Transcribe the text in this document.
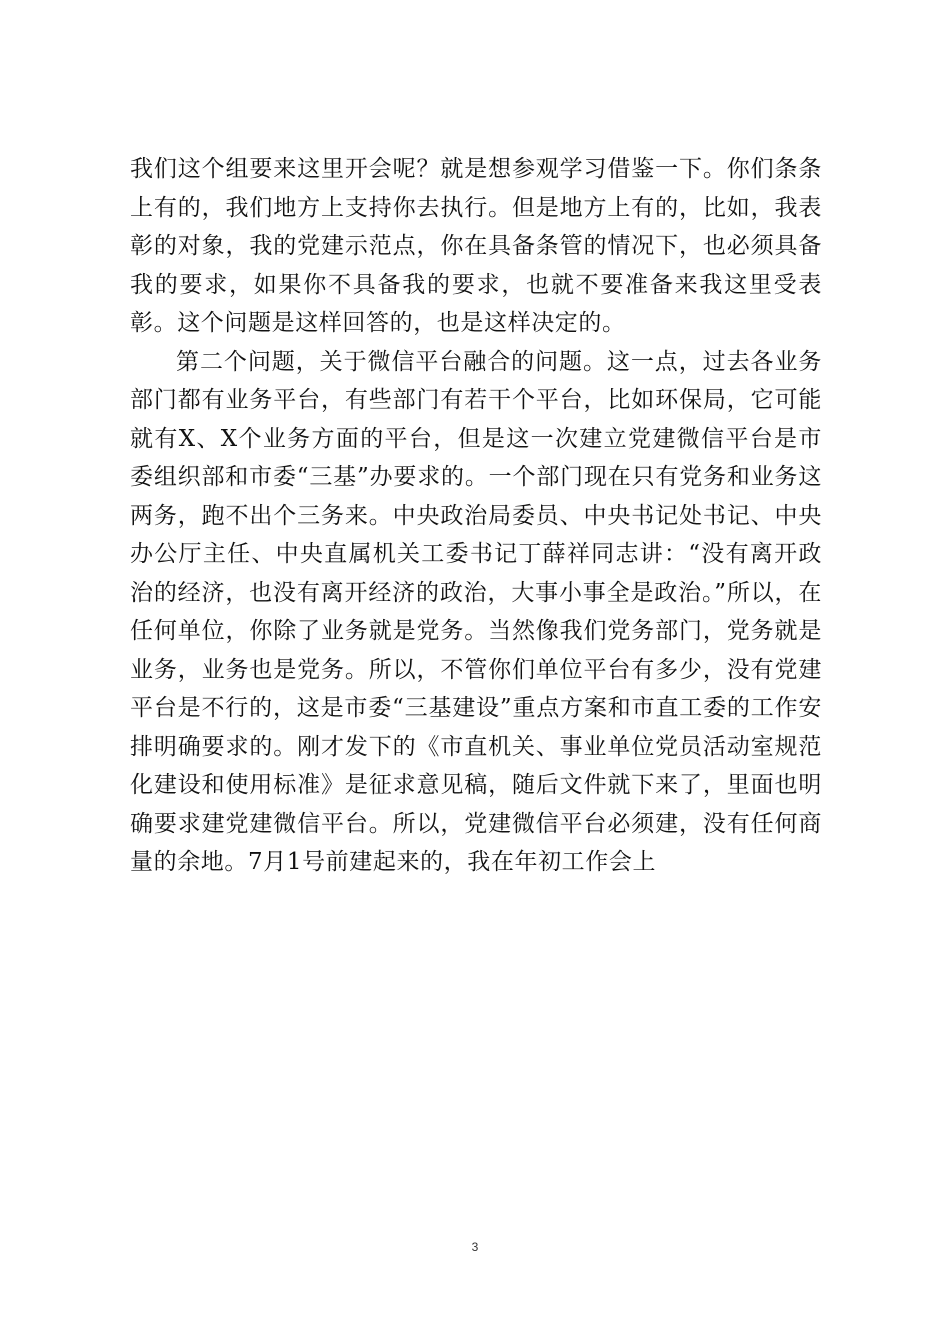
我们这个组要来这里开会呢？就是想参观学习借鉴一下。你们条条上有的，我们地方上支持你去执行。但是地方上有的，比如，我表彰的对象，我的党建示范点，你在具备条管的情况下，也必须具备我的要求，如果你不具备我的要求，也就不要准备来我这里受表彰。这个问题是这样回答的，也是这样决定的。

第二个问题，关于微信平台融合的问题。这一点，过去各业务部门都有业务平台，有些部门有若干个平台，比如环保局，它可能就有X、X个业务方面的平台，但是这一次建立党建微信平台是市委组织部和市委“三基”办要求的。一个部门现在只有党务和业务这两务，跑不出个三务来。中央政治局委员、中央书记处书记、中央办公厅主任、中央直属机关工委书记丁薛祥同志讲：“没有离开政治的经济，也没有离开经济的政治，大事小事全是政治。”所以，在任何单位，你除了业务就是党务。当然像我们党务部门，党务就是业务，业务也是党务。所以，不管你们单位平台有多少，没有党建平台是不行的，这是市委“三基建设”重点方案和市直工委的工作安排明确要求的。刚才发下的《市直机关、事业单位党员活动室规范化建设和使用标准》是征求意见稿，随后文件就下来了，里面也明确要求建党建微信平台。所以，党建微信平台必须建，没有任何商量的余地。7月1号前建起来的，我在年初工作会上

3
